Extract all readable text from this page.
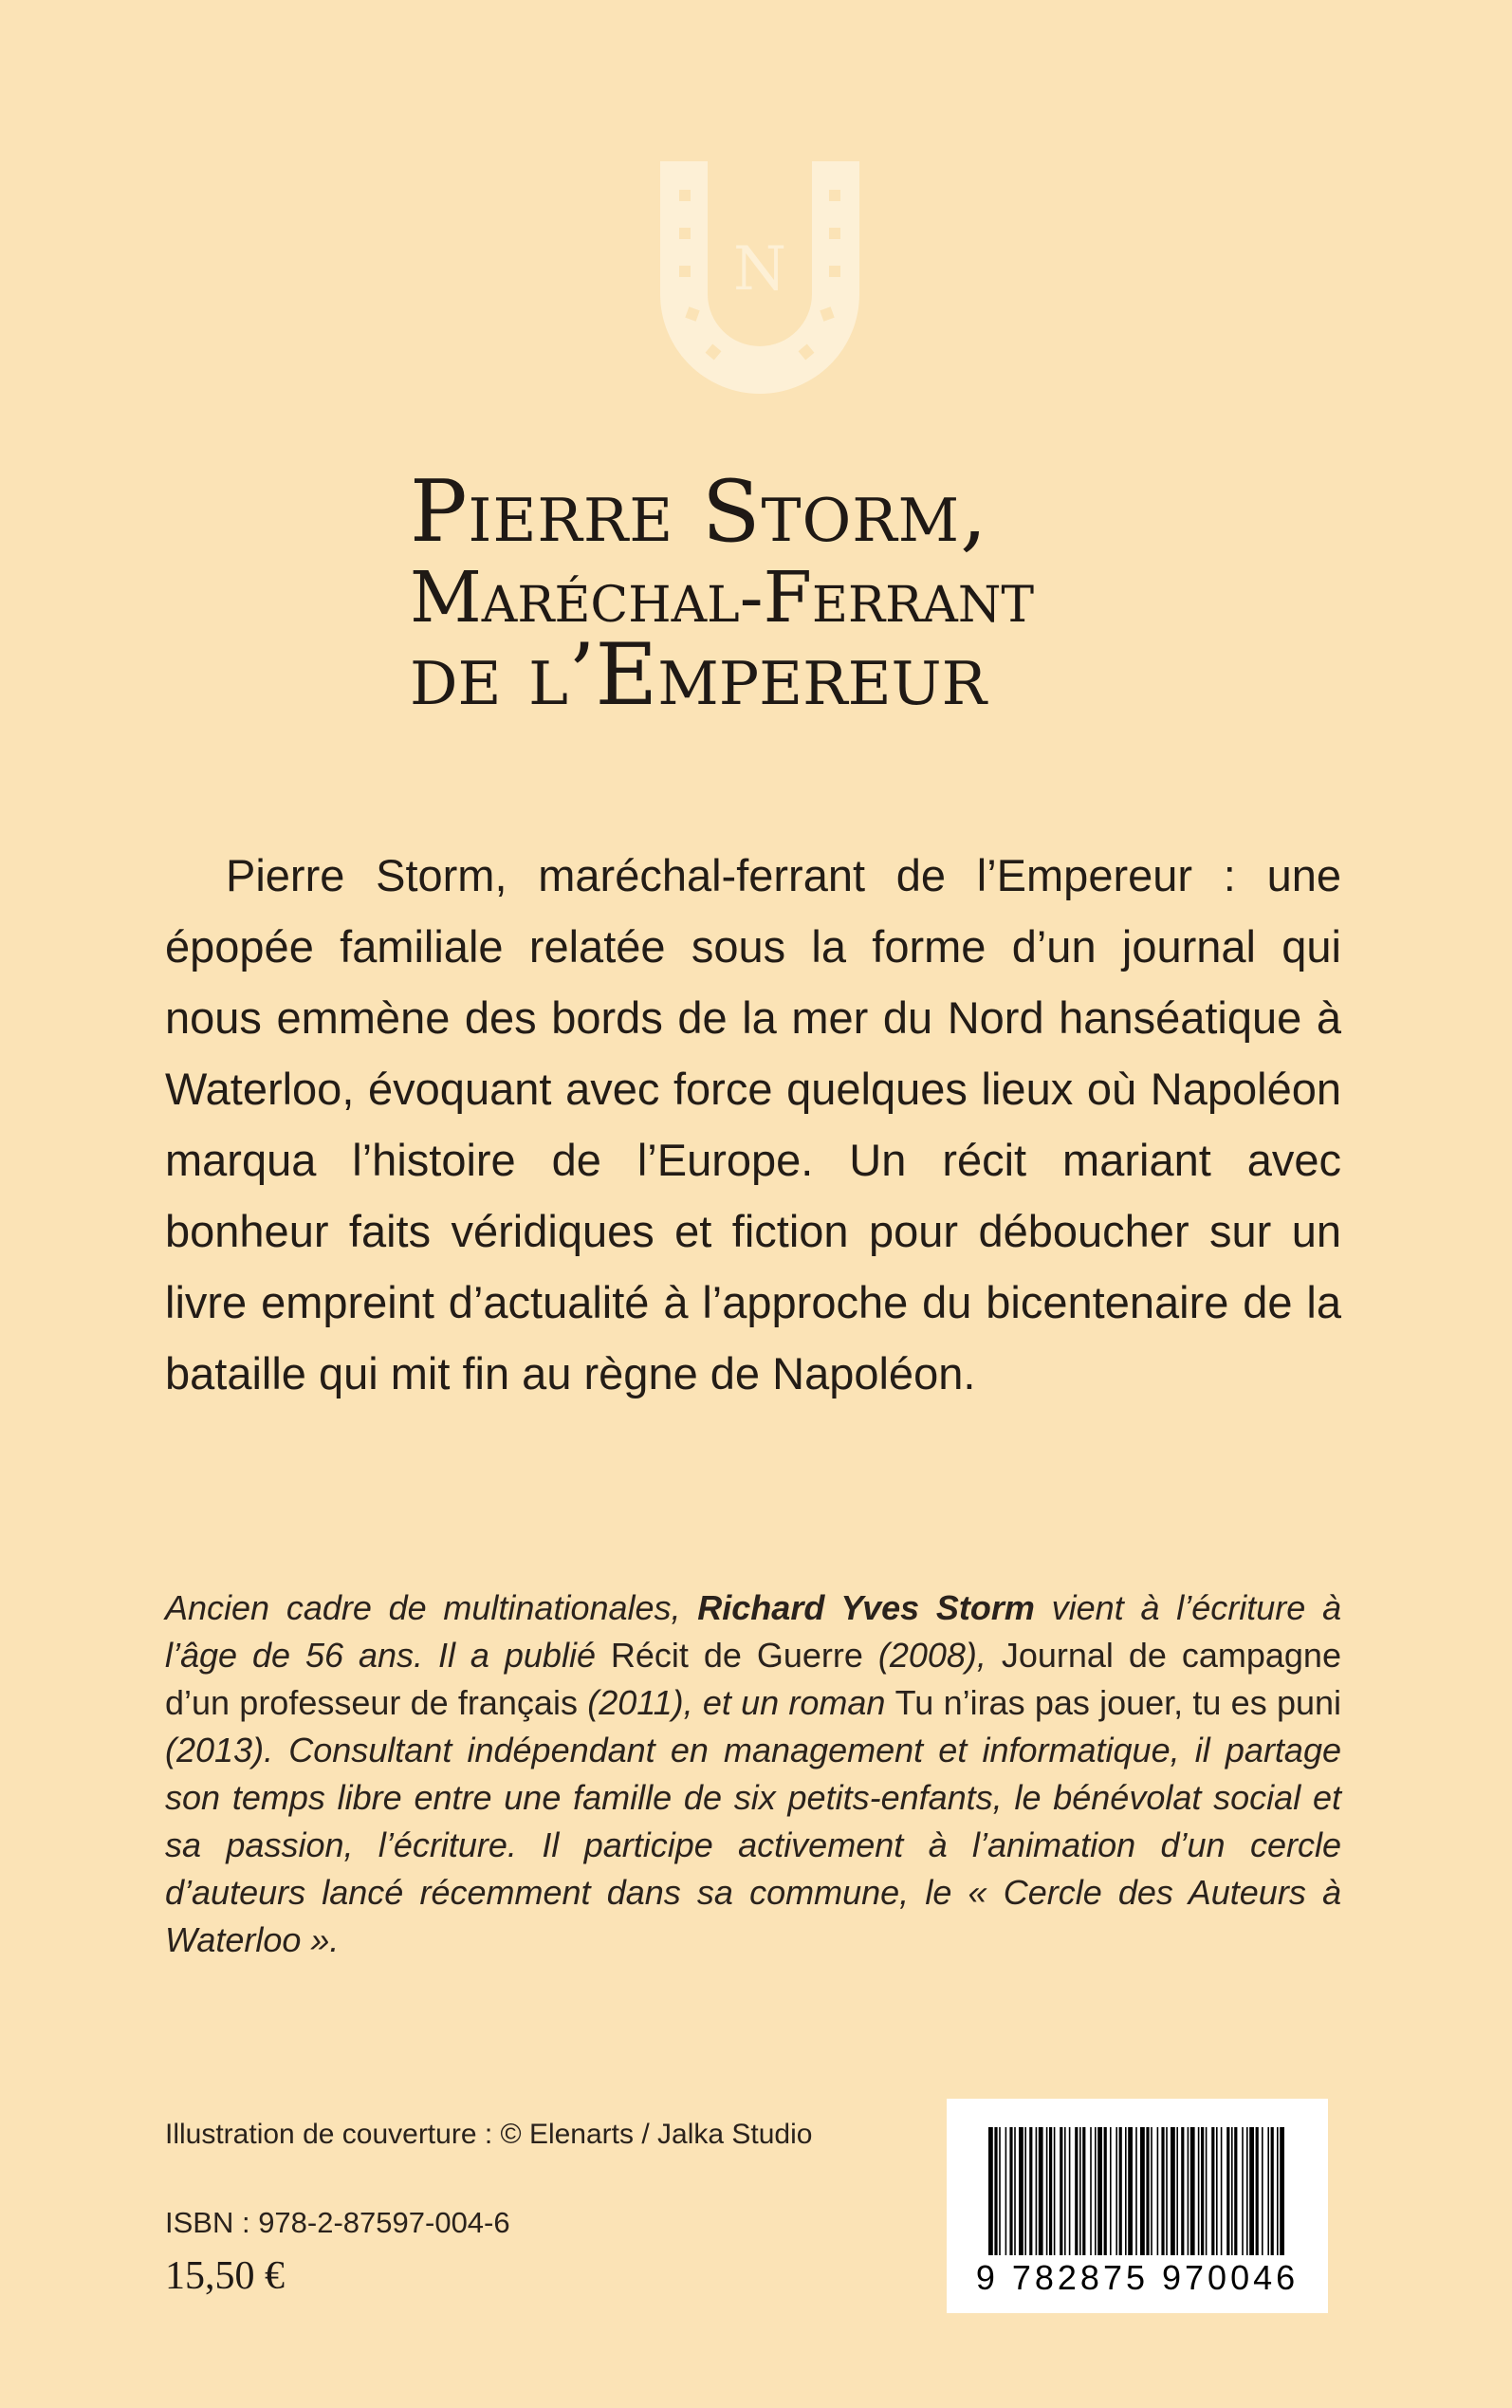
N
Pierre Storm,
Maréchal-Ferrant
de l’Empereur

Pierre Storm, maréchal-ferrant de l’Empereur : une épopée familiale relatée sous la forme d’un journal qui nous emmène des bords de la mer du Nord hanséatique à Waterloo, évoquant avec force quelques lieux où Napoléon marqua l’histoire de l’Europe. Un récit mariant avec bonheur faits véridiques et fiction pour déboucher sur un livre empreint d’actualité à l’approche du bicentenaire de la bataille qui mit fin au règne de Napoléon.

Ancien cadre de multinationales, Richard Yves Storm vient à l’écriture à l’âge de 56 ans. Il a publié Récit de Guerre (2008), Journal de campagne d’un professeur de français (2011), et un roman Tu n’iras pas jouer, tu es puni (2013). Consultant indépendant en management et informatique, il partage son temps libre entre une famille de six petits-enfants, le bénévolat social et sa passion, l’écriture. Il participe activement à l’animation d’un cercle d’auteurs lancé récemment dans sa commune, le « Cercle des Auteurs à Waterloo ».

Illustration de couverture : © Elenarts / Jalka Studio
ISBN : 978-2-87597-004-6
15,50 €	9 782875 970046
